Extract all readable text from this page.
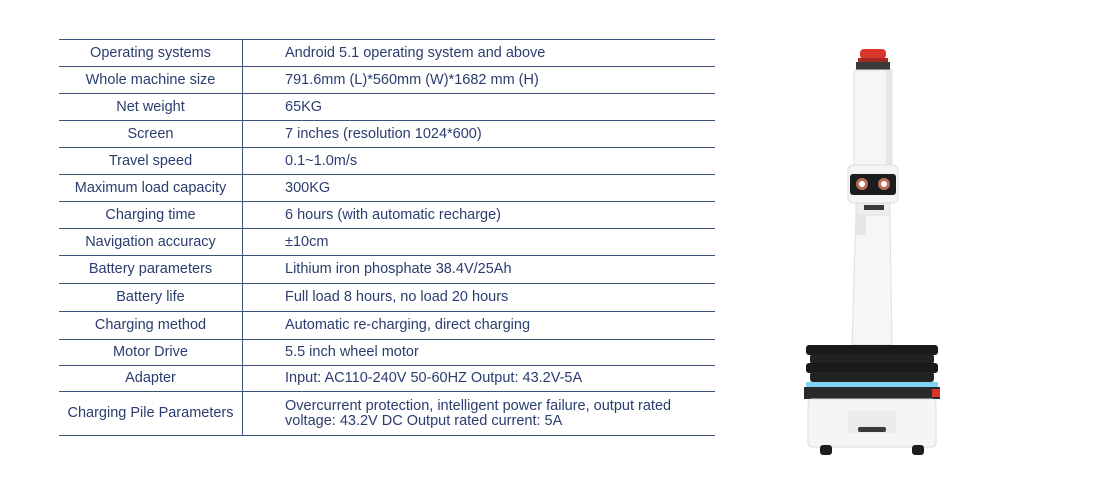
Operating systems	Android 5.1 operating system and above
Whole machine size	791.6mm (L)*560mm (W)*1682 mm (H)
Net weight	65KG
Screen	7 inches (resolution 1024*600)
Travel speed	0.1~1.0m/s
Maximum load capacity	300KG
Charging time	6 hours (with automatic recharge)
Navigation accuracy	±10cm
Battery parameters	Lithium iron phosphate 38.4V/25Ah
Battery life	Full load 8 hours, no load 20 hours
Charging method	Automatic re-charging, direct charging
Motor Drive	5.5 inch wheel motor
Adapter	Input: AC110-240V 50-60HZ Output: 43.2V-5A
Charging Pile Parameters	Overcurrent protection, intelligent power failure, output rated voltage: 43.2V DC Output rated current: 5A
